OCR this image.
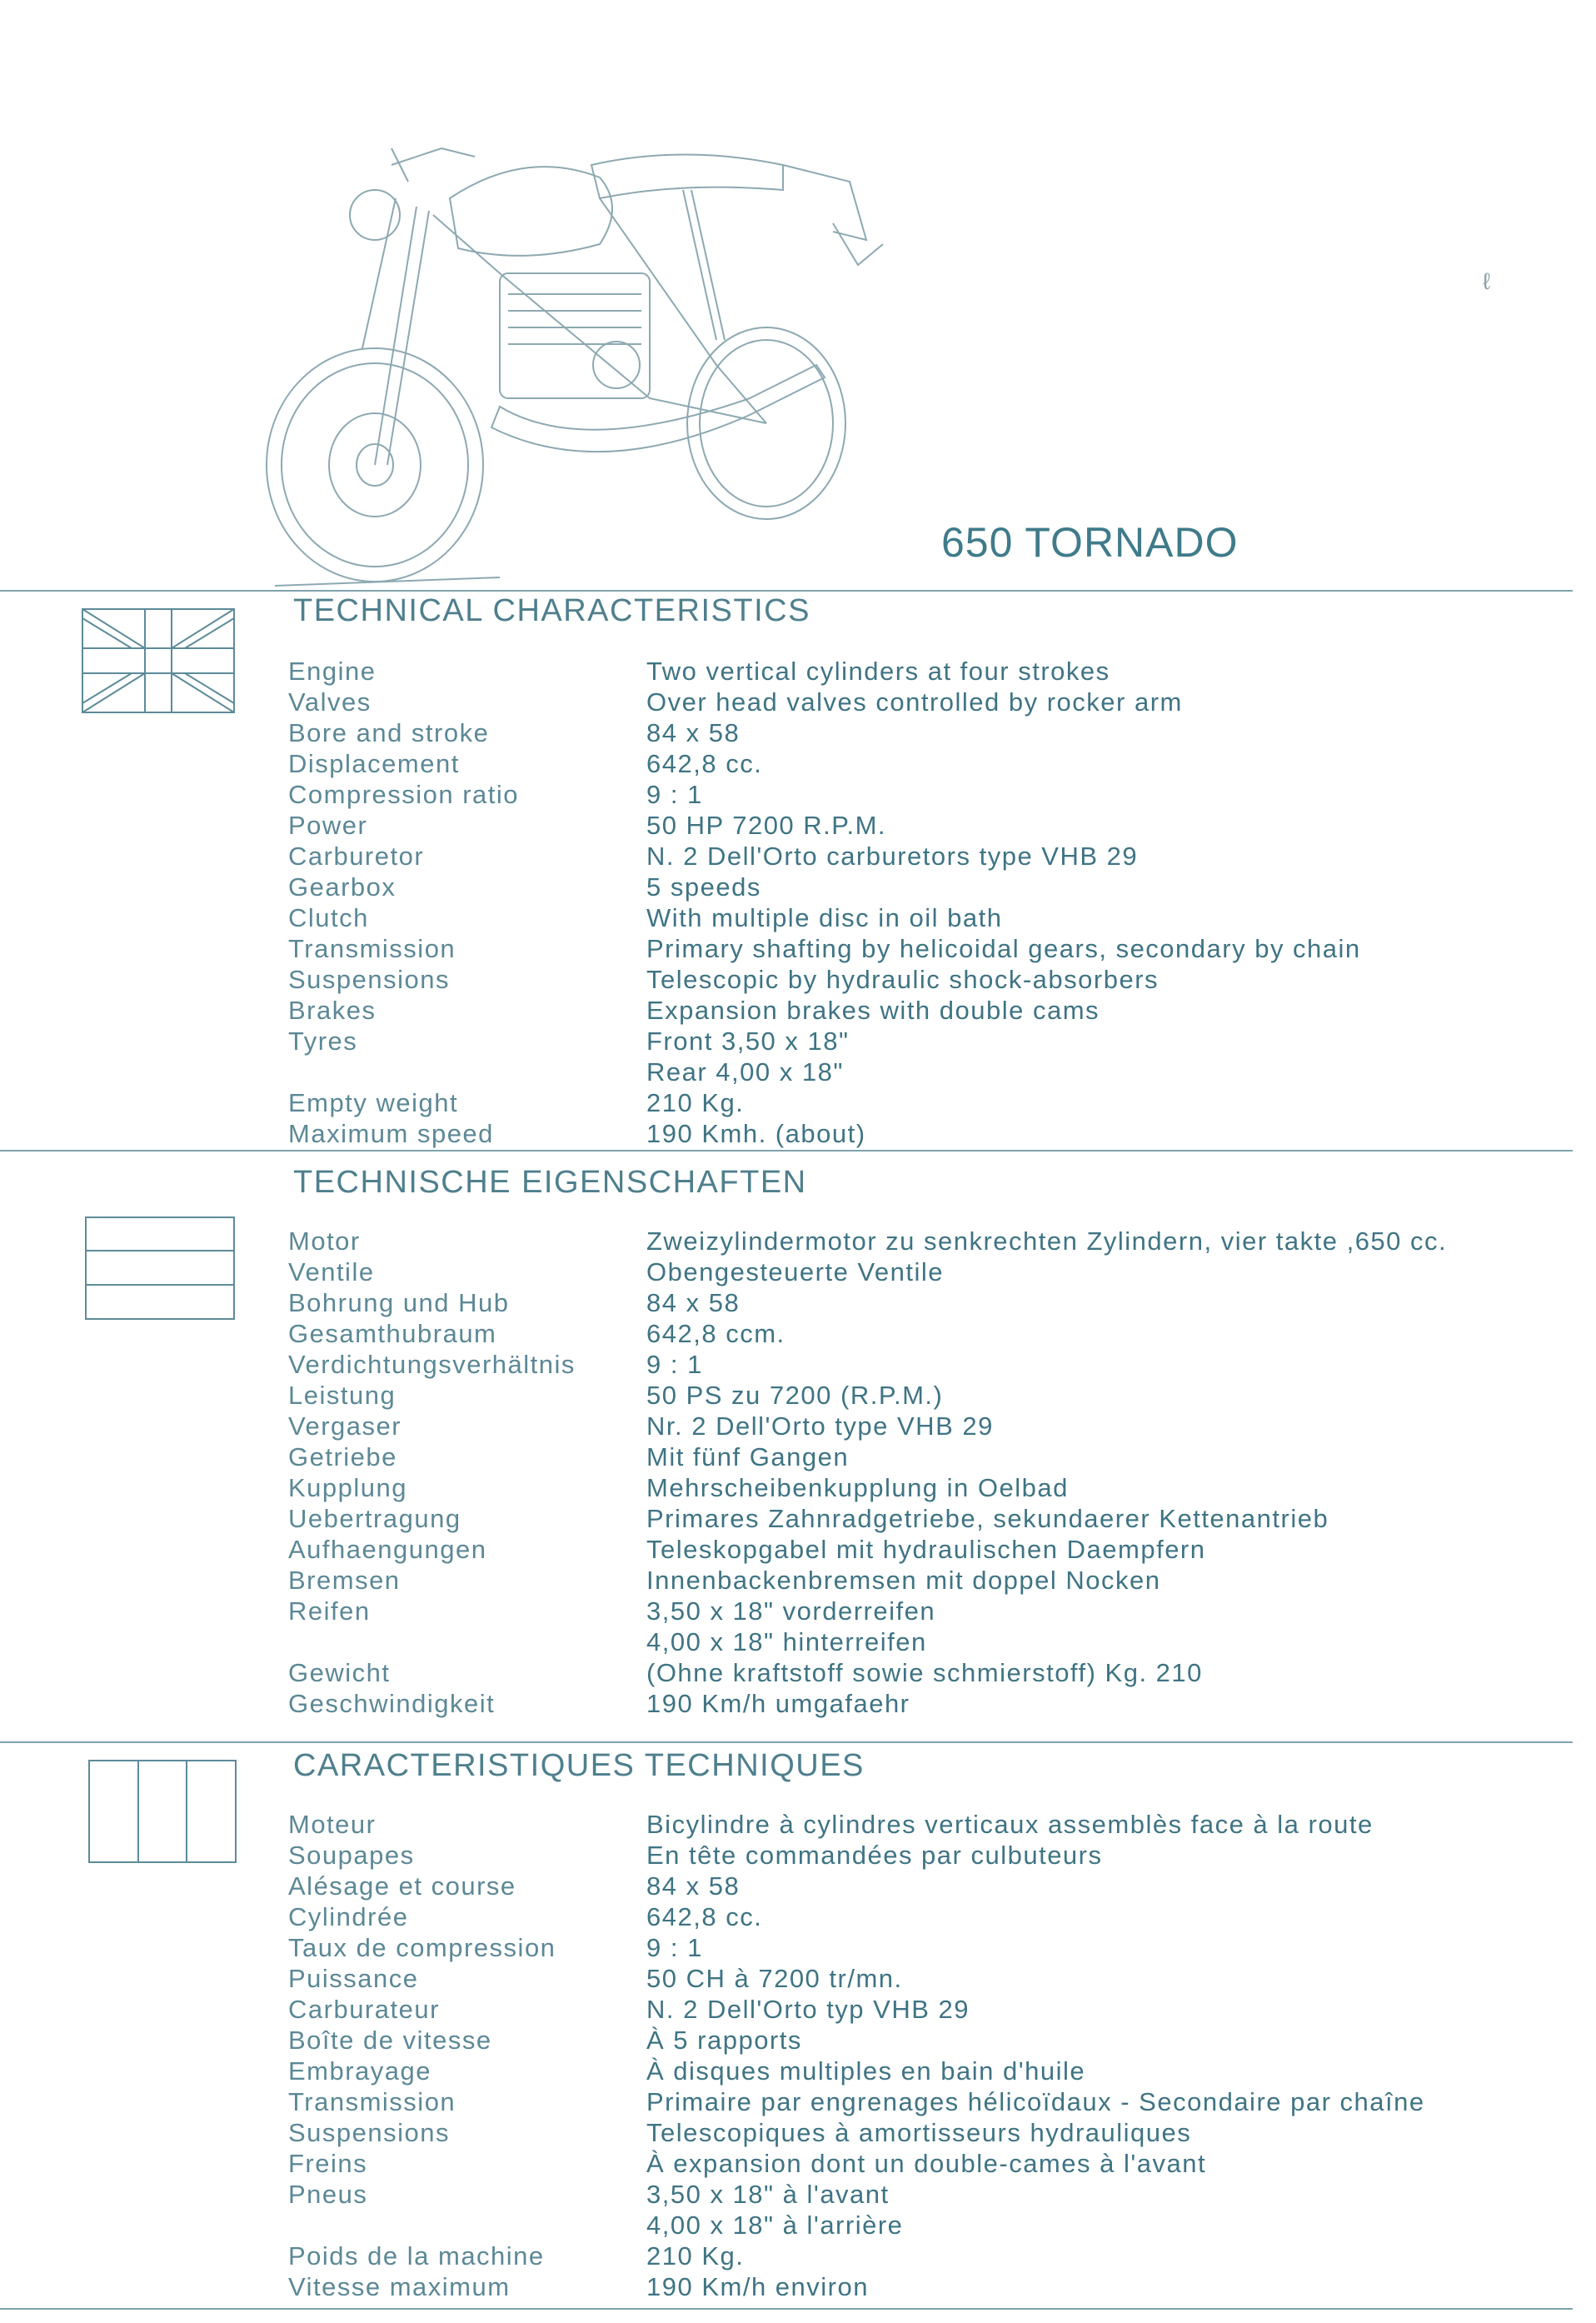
ℓ
650 TORNADO
TECHNICAL CHARACTERISTICS
Engine	Two vertical cylinders at four strokes
Valves	Over head valves controlled by rocker arm
Bore and stroke	84 x 58
Displacement	642,8 cc.
Compression ratio	9 : 1
Power	50 HP 7200 R.P.M.
Carburetor	N. 2 Dell'Orto carburetors type VHB 29
Gearbox	5 speeds
Clutch	With multiple disc in oil bath
Transmission	Primary shafting by helicoidal gears, secondary by chain
Suspensions	Telescopic by hydraulic shock-absorbers
Brakes	Expansion brakes with double cams
Tyres	Front 3,50 x 18"
Rear 4,00 x 18"
Empty weight	210 Kg.
Maximum speed	190 Kmh. (about)
TECHNISCHE EIGENSCHAFTEN
Motor	Zweizylindermotor zu senkrechten Zylindern, vier takte ,650 cc.
Ventile	Obengesteuerte Ventile
Bohrung und Hub	84 x 58
Gesamthubraum	642,8 ccm.
Verdichtungsverhältnis	9 : 1
Leistung	50 PS zu 7200 (R.P.M.)
Vergaser	Nr. 2 Dell'Orto type VHB 29
Getriebe	Mit fünf Gangen
Kupplung	Mehrscheibenkupplung in Oelbad
Uebertragung	Primares Zahnradgetriebe, sekundaerer Kettenantrieb
Aufhaengungen	Teleskopgabel mit hydraulischen Daempfern
Bremsen	Innenbackenbremsen mit doppel Nocken
Reifen	3,50 x 18" vorderreifen
4,00 x 18" hinterreifen
Gewicht	(Ohne kraftstoff sowie schmierstoff) Kg. 210
Geschwindigkeit	190 Km/h umgafaehr
CARACTERISTIQUES TECHNIQUES
Moteur	Bicylindre à cylindres verticaux assemblès face à la route
Soupapes	En tête commandées par culbuteurs
Alésage et course	84 x 58
Cylindrée	642,8 cc.
Taux de compression	9 : 1
Puissance	50 CH à 7200 tr/mn.
Carburateur	N. 2 Dell'Orto typ VHB 29
Boîte de vitesse	À 5 rapports
Embrayage	À disques multiples en bain d'huile
Transmission	Primaire par engrenages hélicoïdaux - Secondaire par chaîne
Suspensions	Telescopiques à amortisseurs hydrauliques
Freins	À expansion dont un double-cames à l'avant
Pneus	3,50 x 18" à l'avant
4,00 x 18" à l'arrière
Poids de la machine	210 Kg.
Vitesse maximum	190 Km/h environ
